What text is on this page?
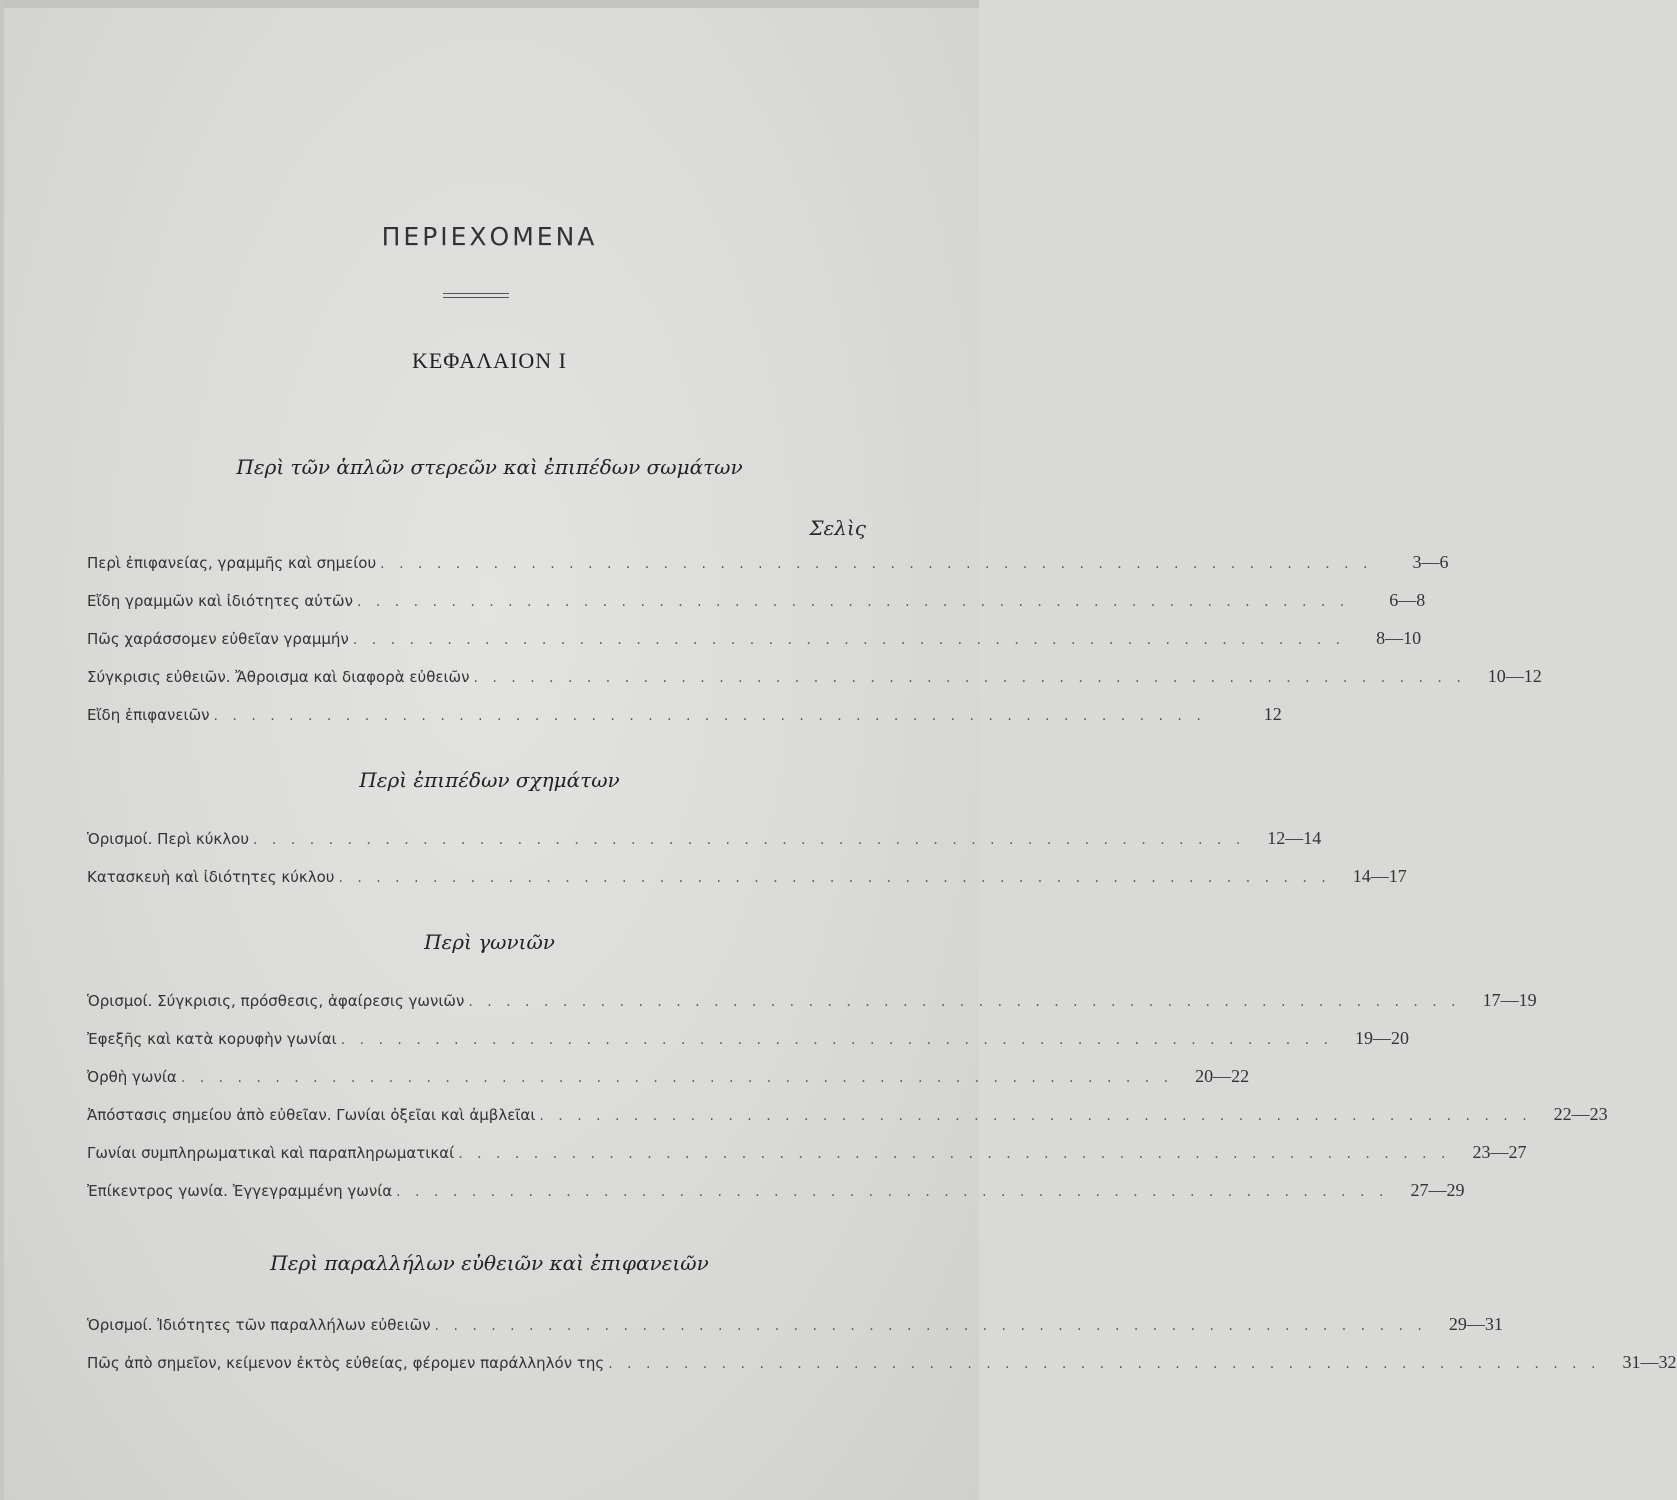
ΠΕΡΙΕΧΟΜΕΝΑ
ΚΕΦΑΛΑΙΟΝ Ι
Περὶ τῶν ἁπλῶν στερεῶν καὶ ἐπιπέδων σωμάτων
Σελὶς
Περὶ ἐπιφανείας, γραμμῆς καὶ σημείου . . . . . . . . . . . . . . . . . . . . . . . . . . . . . . . . . . . . . . . . . . . . . . . . . . . . .	3—6
Εἴδη γραμμῶν καὶ ἰδιότητες αὐτῶν . . . . . . . . . . . . . . . . . . . . . . . . . . . . . . . . . . . . . . . . . . . . . . . . . . . . .	6—8
Πῶς χαράσσομεν εὐθεῖαν γραμμήν . . . . . . . . . . . . . . . . . . . . . . . . . . . . . . . . . . . . . . . . . . . . . . . . . . . . .	8—10
Σύγκρισις εὐθειῶν. Ἄθροισμα καὶ διαφορὰ εὐθειῶν . . . . . . . . . . . . . . . . . . . . . . . . . . . . . . . . . . . . . . . . . . . . . . . . . . . . .	10—12
Εἴδη ἐπιφανειῶν . . . . . . . . . . . . . . . . . . . . . . . . . . . . . . . . . . . . . . . . . . . . . . . . . . . . .	12
Περὶ ἐπιπέδων σχημάτων
Ὁρισμοί. Περὶ κύκλου . . . . . . . . . . . . . . . . . . . . . . . . . . . . . . . . . . . . . . . . . . . . . . . . . . . . .	12—14
Κατασκευὴ καὶ ἰδιότητες κύκλου . . . . . . . . . . . . . . . . . . . . . . . . . . . . . . . . . . . . . . . . . . . . . . . . . . . . .	14—17
Περὶ γωνιῶν
Ὁρισμοί. Σύγκρισις, πρόσθεσις, ἀφαίρεσις γωνιῶν . . . . . . . . . . . . . . . . . . . . . . . . . . . . . . . . . . . . . . . . . . . . . . . . . . . . .	17—19
Ἐφεξῆς καὶ κατὰ κορυφὴν γωνίαι . . . . . . . . . . . . . . . . . . . . . . . . . . . . . . . . . . . . . . . . . . . . . . . . . . . . .	19—20
Ὀρθὴ γωνία . . . . . . . . . . . . . . . . . . . . . . . . . . . . . . . . . . . . . . . . . . . . . . . . . . . . .	20—22
Ἀπόστασις σημείου ἀπὸ εὐθεῖαν. Γωνίαι ὀξεῖαι καὶ ἀμβλεῖαι . . . . . . . . . . . . . . . . . . . . . . . . . . . . . . . . . . . . . . . . . . . . . . . . . . . . .	22—23
Γωνίαι συμπληρωματικαὶ καὶ παραπληρωματικαί . . . . . . . . . . . . . . . . . . . . . . . . . . . . . . . . . . . . . . . . . . . . . . . . . . . . .	23—27
Ἐπίκεντρος γωνία. Ἐγγεγραμμένη γωνία . . . . . . . . . . . . . . . . . . . . . . . . . . . . . . . . . . . . . . . . . . . . . . . . . . . . .	27—29
Περὶ παραλλήλων εὐθειῶν καὶ ἐπιφανειῶν
Ὁρισμοί. Ἰδιότητες τῶν παραλλήλων εὐθειῶν . . . . . . . . . . . . . . . . . . . . . . . . . . . . . . . . . . . . . . . . . . . . . . . . . . . . .	29—31
Πῶς ἀπὸ σημεῖον, κείμενον ἐκτὸς εὐθείας, φέρομεν παράλληλόν της . . . . . . . . . . . . . . . . . . . . . . . . . . . . . . . . . . . . . . . . . . . . . . . . . . . . .	31—32
